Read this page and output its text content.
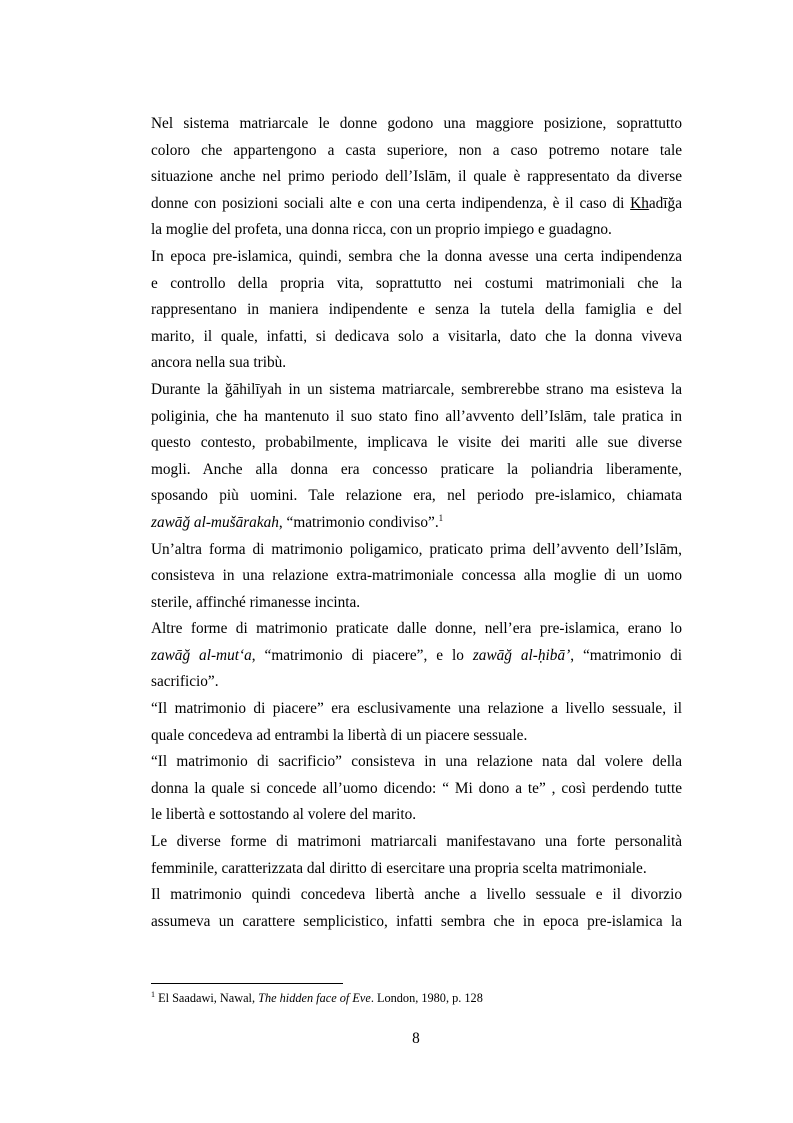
Nel sistema matriarcale le donne godono una maggiore posizione, soprattutto
coloro che appartengono a casta superiore, non a caso potremo notare tale
situazione anche nel primo periodo dell’Islām, il quale è rappresentato da diverse
donne con posizioni sociali alte e con una certa indipendenza, è il caso di Khadīğa
la moglie del profeta, una donna ricca, con un proprio impiego e guadagno.
In epoca pre-islamica, quindi, sembra che la donna avesse una certa indipendenza
e controllo della propria vita, soprattutto nei costumi matrimoniali che la
rappresentano in maniera indipendente e senza la tutela della famiglia e del
marito, il quale, infatti, si dedicava solo a visitarla, dato che la donna viveva
ancora nella sua tribù.
Durante la ğāhilīyah in un sistema matriarcale, sembrerebbe strano ma esisteva la
poliginia, che ha mantenuto il suo stato fino all’avvento dell’Islām, tale pratica in
questo contesto, probabilmente, implicava le visite dei mariti alle sue diverse
mogli. Anche alla donna era concesso praticare la poliandria liberamente,
sposando più uomini. Tale relazione era, nel periodo pre-islamico, chiamata
zawāğ al-mušārakah, “matrimonio condiviso”.$^1$
Un’altra forma di matrimonio poligamico, praticato prima dell’avvento dell’Islām,
consisteva in una relazione extra-matrimoniale concessa alla moglie di un uomo
sterile, affinché rimanesse incinta.
Altre forme di matrimonio praticate dalle donne, nell’era pre-islamica, erano lo
zawāğ al-mut‘a, “matrimonio di piacere”, e lo zawāğ al-ḥibā’, “matrimonio di
sacrificio”.
“Il matrimonio di piacere” era esclusivamente una relazione a livello sessuale, il
quale concedeva ad entrambi la libertà di un piacere sessuale.
“Il matrimonio di sacrificio” consisteva in una relazione nata dal volere della
donna la quale si concede all’uomo dicendo: “ Mi dono a te” , così perdendo tutte
le libertà e sottostando al volere del marito.
Le diverse forme di matrimoni matriarcali manifestavano una forte personalità
femminile, caratterizzata dal diritto di esercitare una propria scelta matrimoniale.
Il matrimonio quindi concedeva libertà anche a livello sessuale e il divorzio
assumeva un carattere semplicistico, infatti sembra che in epoca pre-islamica la
$^1$ El Saadawi, Nawal, The hidden face of Eve. London, 1980, p. 128
8
